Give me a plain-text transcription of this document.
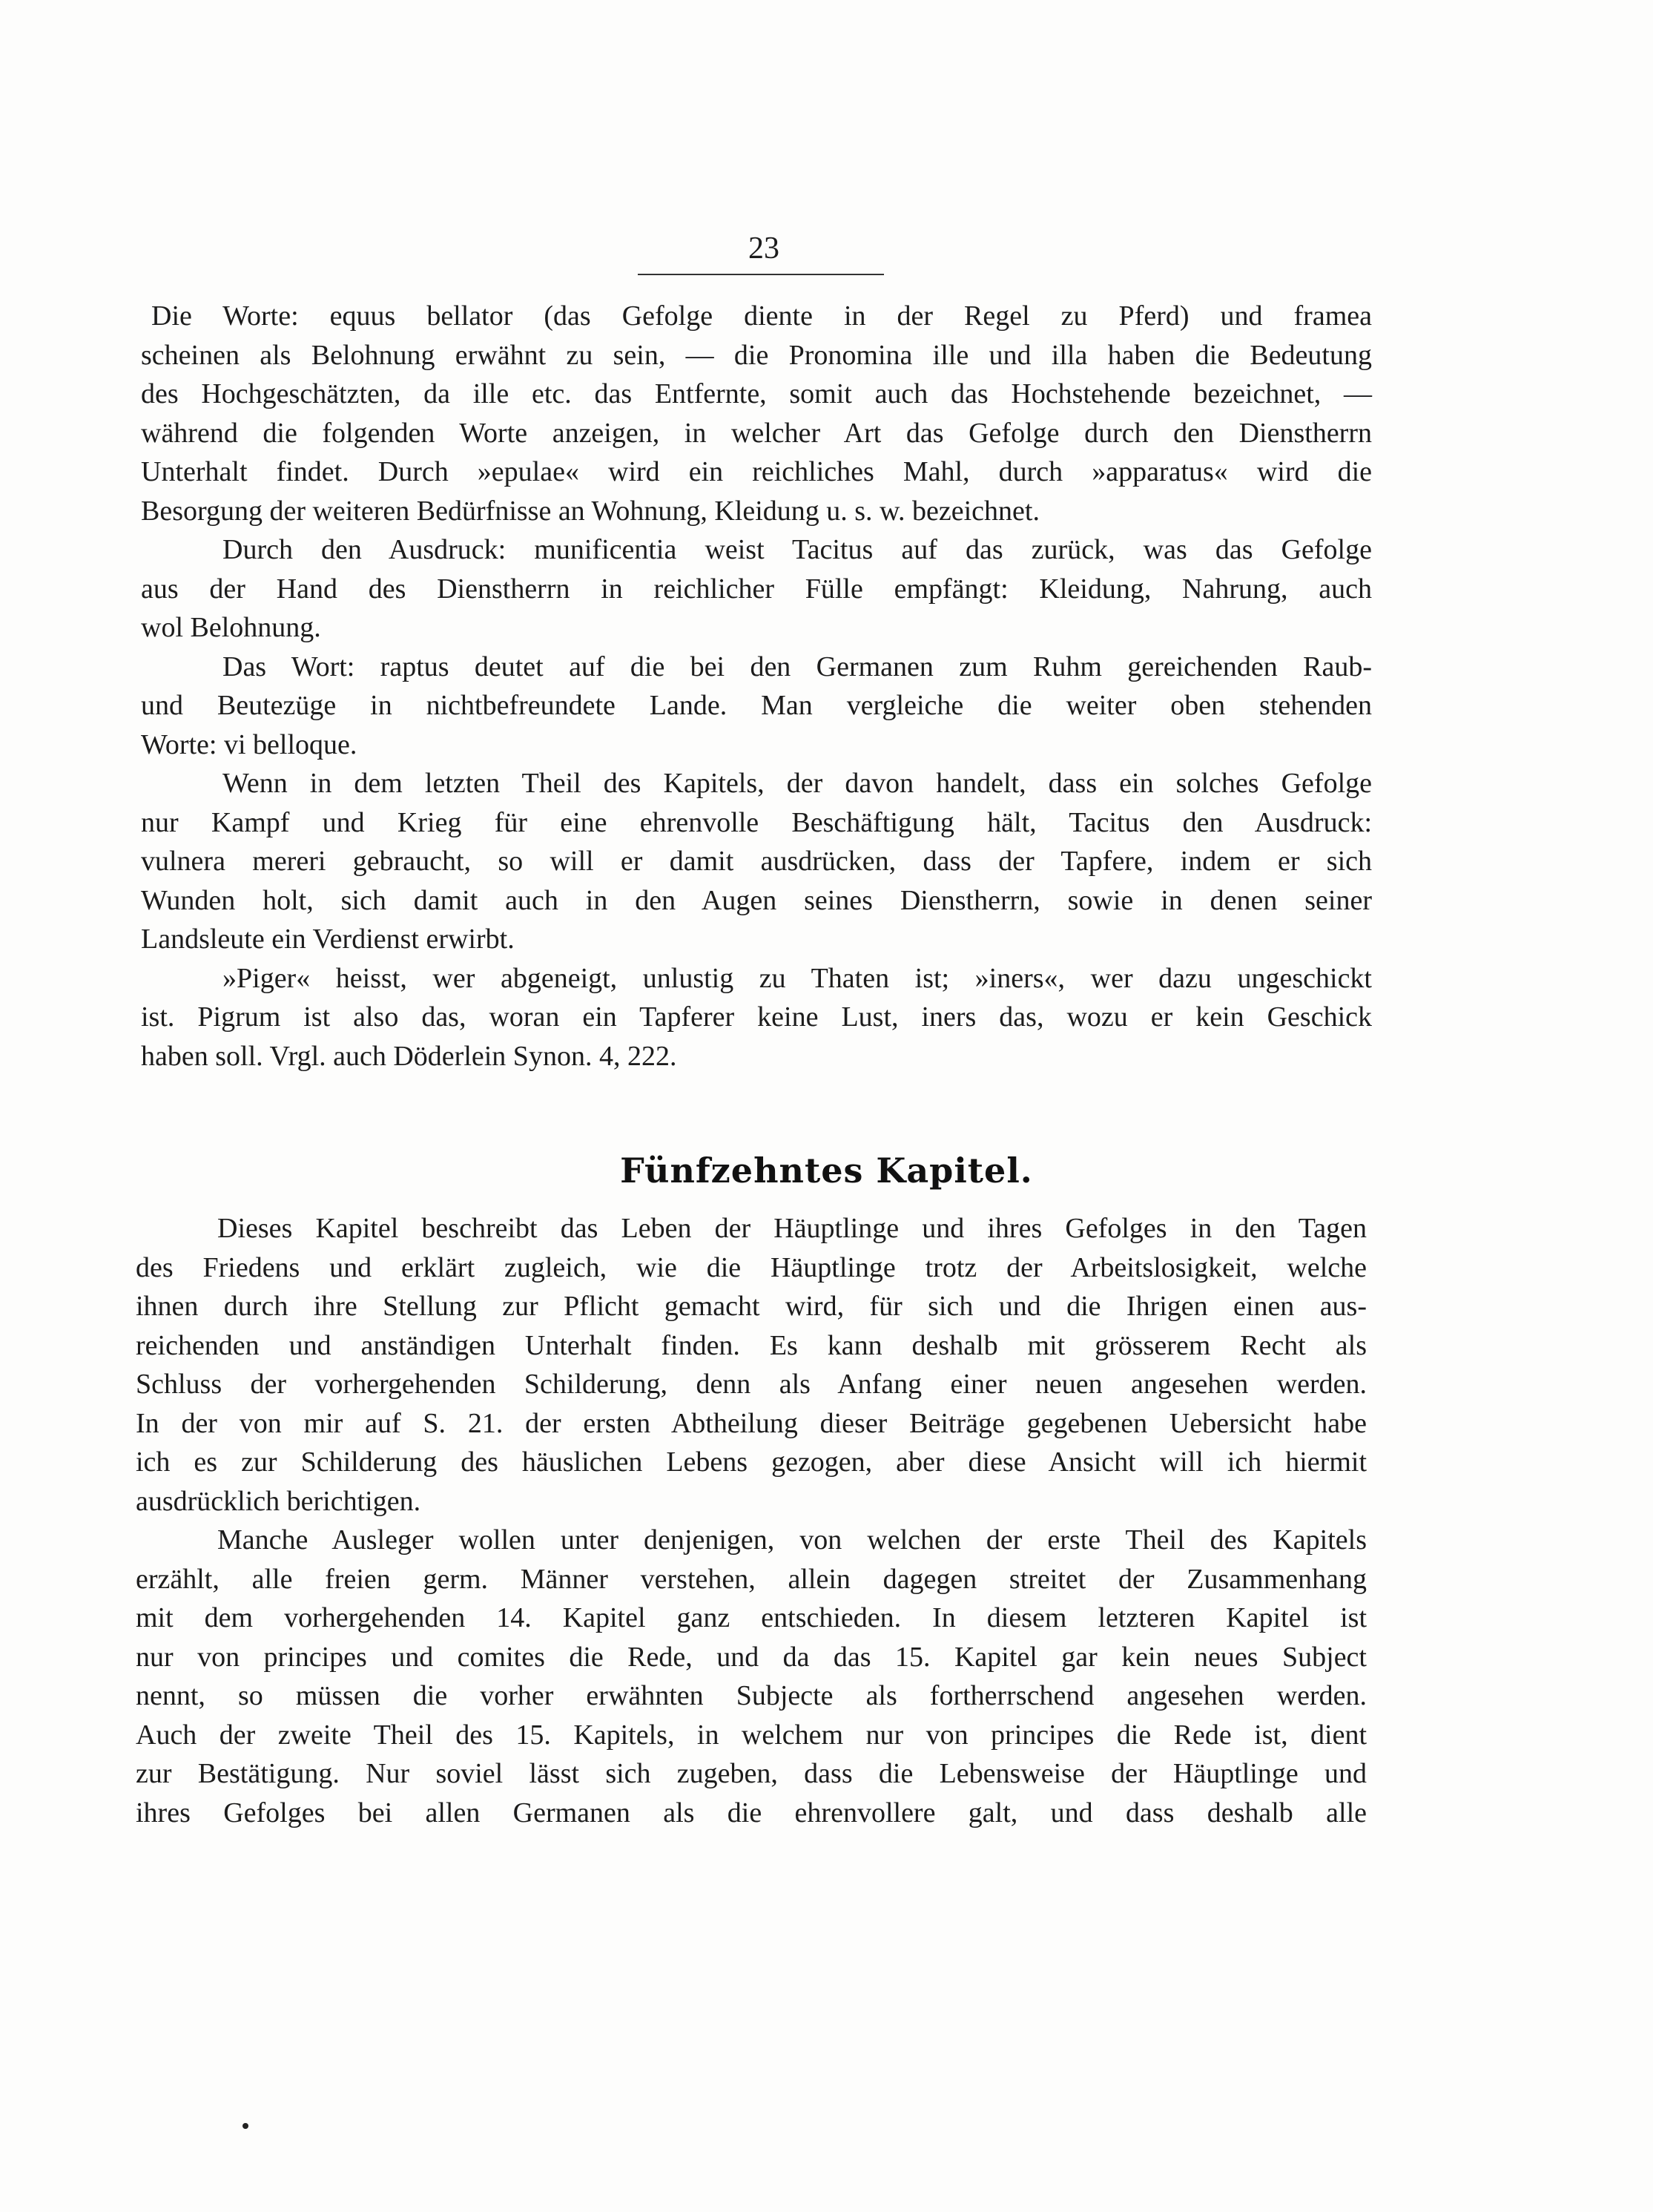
23
Die Worte: equus bellator (das Gefolge diente in der Regel zu Pferd) und framea
scheinen als Belohnung erwähnt zu sein, — die Pronomina ille und illa haben die Bedeutung
des Hochgeschätzten, da ille etc. das Entfernte, somit auch das Hochstehende bezeichnet, —
während die folgenden Worte anzeigen, in welcher Art das Gefolge durch den Dienstherrn
Unterhalt findet. Durch »epulae« wird ein reichliches Mahl, durch »apparatus« wird die
Besorgung der weiteren Bedürfnisse an Wohnung, Kleidung u. s. w. bezeichnet.
Durch den Ausdruck: munificentia weist Tacitus auf das zurück, was das Gefolge
aus der Hand des Dienstherrn in reichlicher Fülle empfängt: Kleidung, Nahrung, auch
wol Belohnung.
Das Wort: raptus deutet auf die bei den Germanen zum Ruhm gereichenden Raub-
und Beutezüge in nichtbefreundete Lande. Man vergleiche die weiter oben stehenden
Worte: vi belloque.
Wenn in dem letzten Theil des Kapitels, der davon handelt, dass ein solches Gefolge
nur Kampf und Krieg für eine ehrenvolle Beschäftigung hält, Tacitus den Ausdruck:
vulnera mereri gebraucht, so will er damit ausdrücken, dass der Tapfere, indem er sich
Wunden holt, sich damit auch in den Augen seines Dienstherrn, sowie in denen seiner
Landsleute ein Verdienst erwirbt.
»Piger« heisst, wer abgeneigt, unlustig zu Thaten ist; »iners«, wer dazu ungeschickt
ist. Pigrum ist also das, woran ein Tapferer keine Lust, iners das, wozu er kein Geschick
haben soll. Vrgl. auch Döderlein Synon. 4, 222.
Fünfzehntes Kapitel.
Dieses Kapitel beschreibt das Leben der Häuptlinge und ihres Gefolges in den Tagen
des Friedens und erklärt zugleich, wie die Häuptlinge trotz der Arbeitslosigkeit, welche
ihnen durch ihre Stellung zur Pflicht gemacht wird, für sich und die Ihrigen einen aus-
reichenden und anständigen Unterhalt finden. Es kann deshalb mit grösserem Recht als
Schluss der vorhergehenden Schilderung, denn als Anfang einer neuen angesehen werden.
In der von mir auf S. 21. der ersten Abtheilung dieser Beiträge gegebenen Uebersicht habe
ich es zur Schilderung des häuslichen Lebens gezogen, aber diese Ansicht will ich hiermit
ausdrücklich berichtigen.
Manche Ausleger wollen unter denjenigen, von welchen der erste Theil des Kapitels
erzählt, alle freien germ. Männer verstehen, allein dagegen streitet der Zusammenhang
mit dem vorhergehenden 14. Kapitel ganz entschieden. In diesem letzteren Kapitel ist
nur von principes und comites die Rede, und da das 15. Kapitel gar kein neues Subject
nennt, so müssen die vorher erwähnten Subjecte als fortherrschend angesehen werden.
Auch der zweite Theil des 15. Kapitels, in welchem nur von principes die Rede ist, dient
zur Bestätigung. Nur soviel lässt sich zugeben, dass die Lebensweise der Häuptlinge und
ihres Gefolges bei allen Germanen als die ehrenvollere galt, und dass deshalb alle
